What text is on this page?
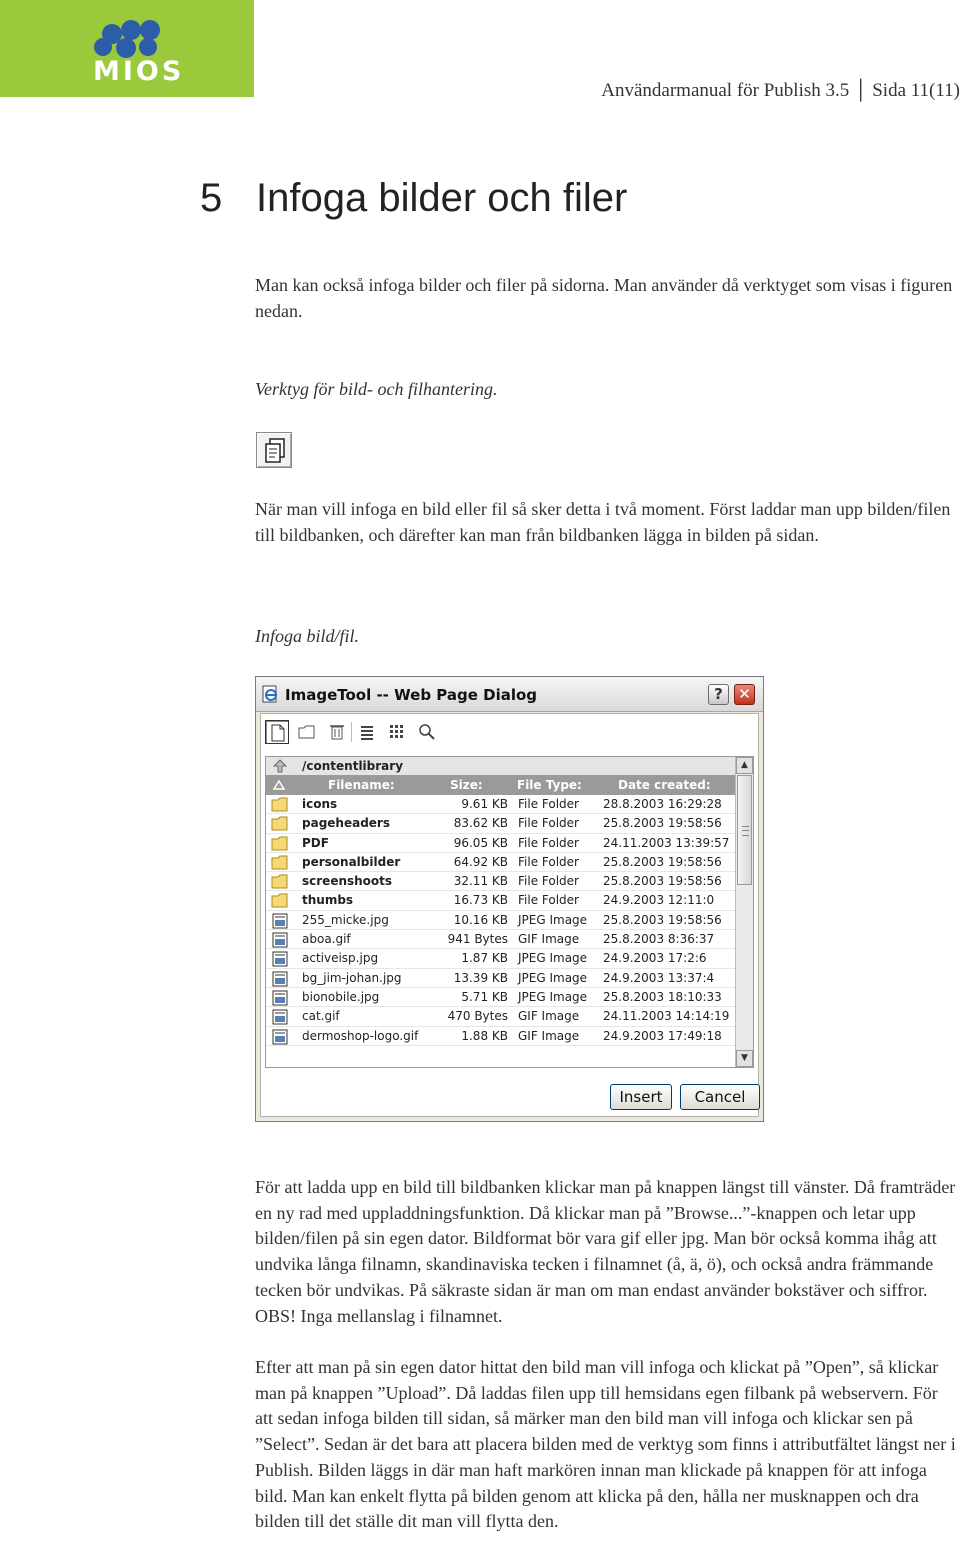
MIOS
Användarmanual för Publish 3.5 │ Sida 11(11)
5 Infoga bilder och filer
Man kan också infoga bilder och filer på sidorna. Man använder då verktyget som visas i figuren nedan.
Verktyg för bild- och filhantering.
När man vill infoga en bild eller fil så sker detta i två moment. Först laddar man upp bilden/filen till bildbanken, och därefter kan man från bildbanken lägga in bilden på sidan.
Infoga bild/fil.
ImageTool -- Web Page Dialog	?	✕
/contentlibrary
Filename:	Size:	File Type:	Date created:
icons	9.61 KB File Folder 28.8.2003 16:29:28
pageheaders	83.62 KB File Folder 25.8.2003 19:58:56
PDF	96.05 KB File Folder 24.11.2003 13:39:57
personalbilder	64.92 KB File Folder 25.8.2003 19:58:56
screenshoots	32.11 KB File Folder 25.8.2003 19:58:56
thumbs	16.73 KB File Folder 24.9.2003 12:11:0
255_micke.jpg	10.16 KB JPEG Image 25.8.2003 19:58:56
aboa.gif	941 Bytes GIF Image 25.8.2003 8:36:37
activeisp.jpg	1.87 KB JPEG Image 24.9.2003 17:2:6
bg_jim-johan.jpg	13.39 KB JPEG Image 24.9.2003 13:37:4
bionobile.jpg	5.71 KB JPEG Image 25.8.2003 18:10:33
cat.gif	470 Bytes GIF Image 24.11.2003 14:14:19
dermoshop-logo.gif	1.88 KB GIF Image 24.9.2003 17:49:18
▲
▼
Insert	Cancel
För att ladda upp en bild till bildbanken klickar man på knappen längst till vänster. Då framträder en ny rad med uppladdningsfunktion. Då klickar man på ”Browse...”-knappen och letar upp bilden/filen på sin egen dator. Bildformat bör vara gif eller jpg. Man bör också komma ihåg att undvika långa filnamn, skandinaviska tecken i filnamnet (å, ä, ö), och också andra främmande tecken bör undvikas. På säkraste sidan är man om man endast använder bokstäver och siffror. OBS! Inga mellanslag i filnamnet.
Efter att man på sin egen dator hittat den bild man vill infoga och klickat på ”Open”, så klickar man på knappen ”Upload”. Då laddas filen upp till hemsidans egen filbank på webservern. För att sedan infoga bilden till sidan, så märker man den bild man vill infoga och klickar sen på ”Select”. Sedan är det bara att placera bilden med de verktyg som finns i attributfältet längst ner i Publish. Bilden läggs in där man haft markören innan man klickade på knappen för att infoga bild. Man kan enkelt flytta på bilden genom att klicka på den, hålla ner musknappen och dra bilden till det ställe dit man vill flytta den.
